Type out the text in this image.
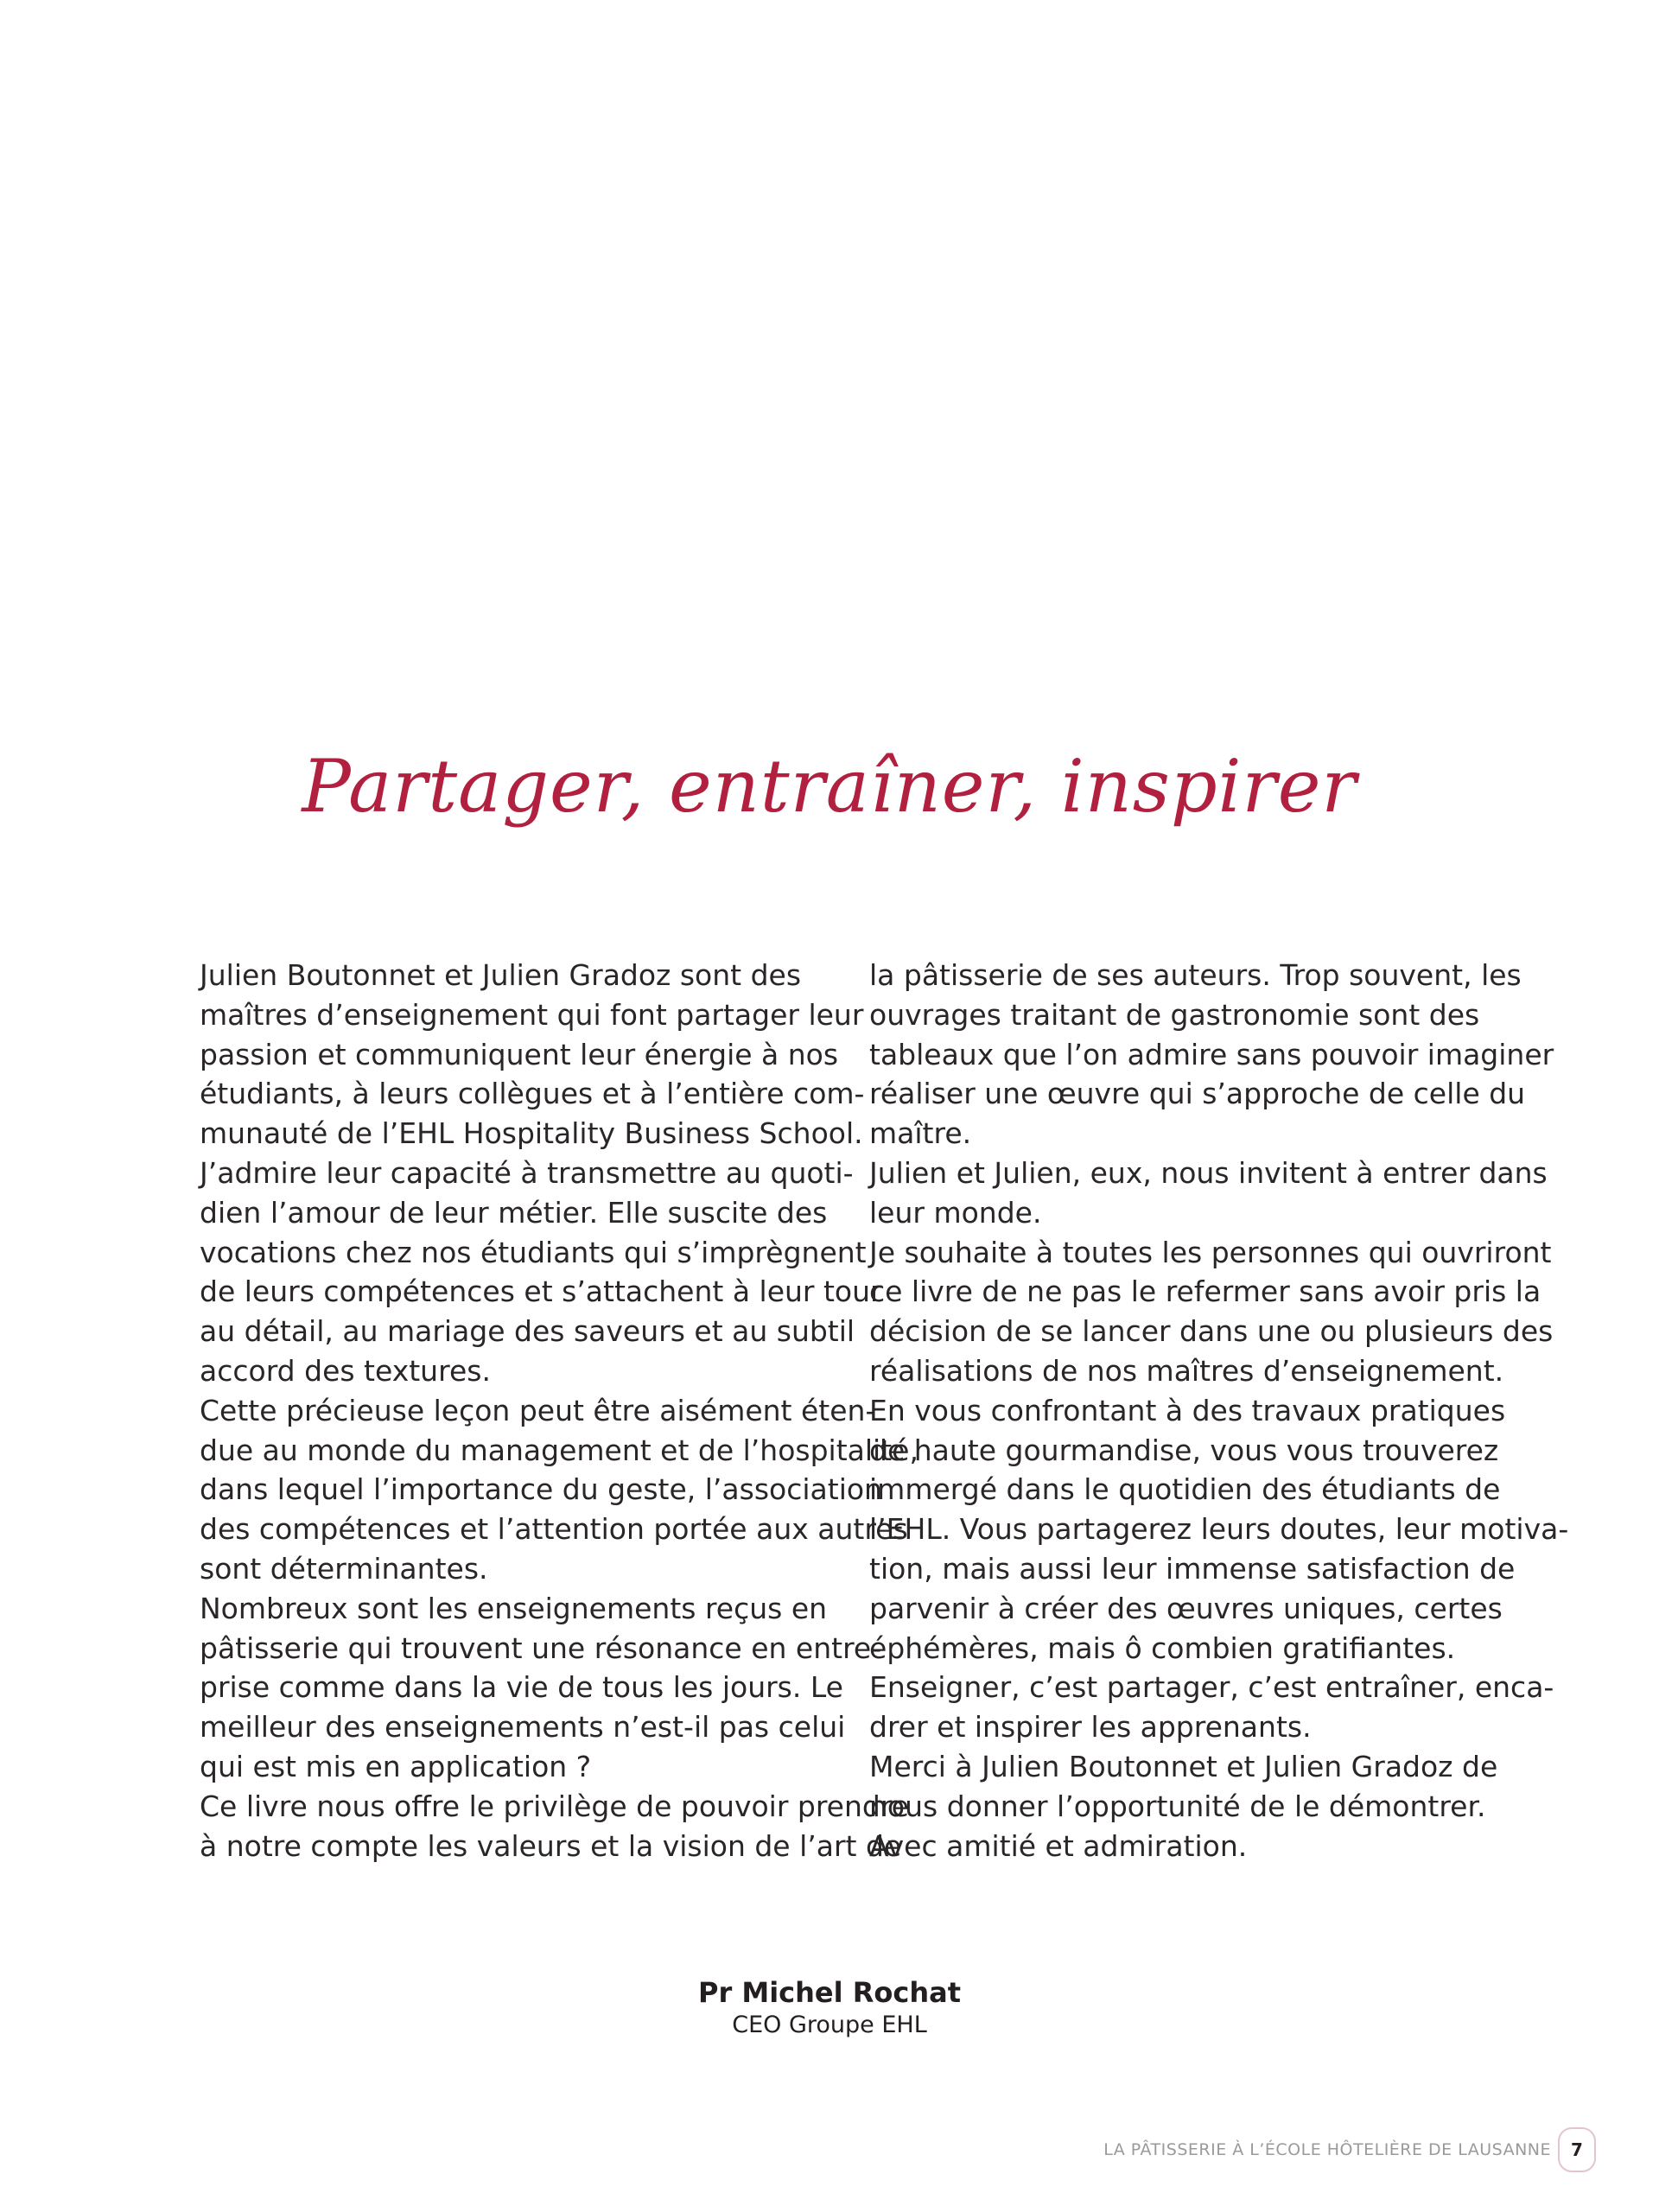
Partager, entraîner, inspirer
Julien Boutonnet et Julien Gradoz sont des
maîtres d’enseignement qui font partager leur
passion et communiquent leur énergie à nos
étudiants, à leurs collègues et à l’entière com-
munauté de l’EHL Hospitality Business School.
J’admire leur capacité à transmettre au quoti-
dien l’amour de leur métier. Elle suscite des
vocations chez nos étudiants qui s’imprègnent
de leurs compétences et s’attachent à leur tour
au détail, au mariage des saveurs et au subtil
accord des textures.
Cette précieuse leçon peut être aisément éten-
due au monde du management et de l’hospitalité,
dans lequel l’importance du geste, l’association
des compétences et l’attention portée aux autres
sont déterminantes.
Nombreux sont les enseignements reçus en
pâtisserie qui trouvent une résonance en entre-
prise comme dans la vie de tous les jours. Le
meilleur des enseignements n’est-il pas celui
qui est mis en application ?
Ce livre nous offre le privilège de pouvoir prendre
à notre compte les valeurs et la vision de l’art de
la pâtisserie de ses auteurs. Trop souvent, les
ouvrages traitant de gastronomie sont des
tableaux que l’on admire sans pouvoir imaginer
réaliser une œuvre qui s’approche de celle du
maître.
Julien et Julien, eux, nous invitent à entrer dans
leur monde.
Je souhaite à toutes les personnes qui ouvriront
ce livre de ne pas le refermer sans avoir pris la
décision de se lancer dans une ou plusieurs des
réalisations de nos maîtres d’enseignement.
En vous confrontant à des travaux pratiques
de haute gourmandise, vous vous trouverez
immergé dans le quotidien des étudiants de
l’EHL. Vous partagerez leurs doutes, leur motiva-
tion, mais aussi leur immense satisfaction de
parvenir à créer des œuvres uniques, certes
éphémères, mais ô combien gratifiantes.
Enseigner, c’est partager, c’est entraîner, enca-
drer et inspirer les apprenants.
Merci à Julien Boutonnet et Julien Gradoz de
nous donner l’opportunité de le démontrer.
Avec amitié et admiration.
Pr Michel Rochat
CEO Groupe EHL
LA PÂTISSERIE À L’ÉCOLE HÔTELIÈRE DE LAUSANNE	7
